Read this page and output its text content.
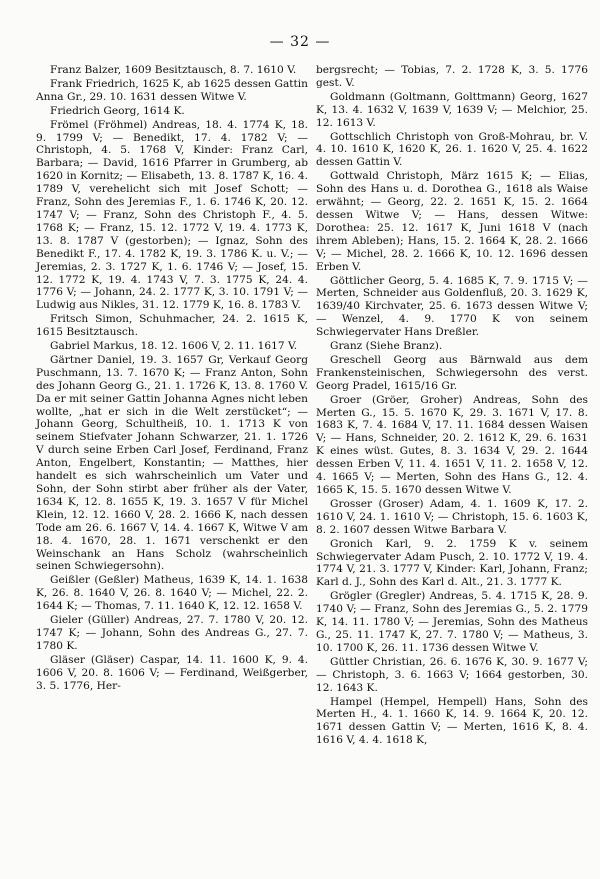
— 32 —

Franz Balzer, 1609 Besitztausch, 8. 7. 1610 V.

Frank Friedrich, 1625 K, ab 1625 dessen Gattin Anna Gr., 29. 10. 1631 dessen Witwe V.

Friedrich Georg, 1614 K.

Frömel (Fröhmel) Andreas, 18. 4. 1774 K, 18. 9. 1799 V; — Benedikt, 17. 4. 1782 V; — Christoph, 4. 5. 1768 V, Kinder: Franz Carl, Barbara; — David, 1616 Pfarrer in Grumberg, ab 1620 in Kornitz; — Elisabeth, 13. 8. 1787 K, 16. 4. 1789 V, verehelicht sich mit Josef Schott; — Franz, Sohn des Jeremias F., 1. 6. 1746 K, 20. 12. 1747 V; — Franz, Sohn des Christoph F., 4. 5. 1768 K; — Franz, 15. 12. 1772 V, 19. 4. 1773 K, 13. 8. 1787 V (gestorben); — Ignaz, Sohn des Benedikt F., 17. 4. 1782 K, 19. 3. 1786 K. u. V.; — Jeremias, 2. 3. 1727 K, 1. 6. 1746 V; — Josef, 15. 12. 1772 K, 19. 4. 1743 V, 7. 3. 1775 K, 24. 4. 1776 V; — Johann, 24. 2. 1777 K, 3. 10. 1791 V; — Ludwig aus Nikles, 31. 12. 1779 K, 16. 8. 1783 V.

Fritsch Simon, Schuhmacher, 24. 2. 1615 K, 1615 Besitztausch.

Gabriel Markus, 18. 12. 1606 V, 2. 11. 1617 V.

Gärtner Daniel, 19. 3. 1657 Gr, Verkauf Georg Puschmann, 13. 7. 1670 K; — Franz Anton, Sohn des Johann Georg G., 21. 1. 1726 K, 13. 8. 1760 V. Da er mit seiner Gattin Johanna Agnes nicht leben wollte, „hat er sich in die Welt zerstücket“; — Johann Georg, Schultheiß, 10. 1. 1713 K von seinem Stiefvater Johann Schwarzer, 21. 1. 1726 V durch seine Erben Carl Josef, Ferdinand, Franz Anton, Engelbert, Konstantin; — Matthes, hier handelt es sich wahrscheinlich um Vater und Sohn, der Sohn stirbt aber früher als der Vater, 1634 K, 12. 8. 1655 K, 19. 3. 1657 V für Michel Klein, 12. 12. 1660 V, 28. 2. 1666 K, nach dessen Tode am 26. 6. 1667 V, 14. 4. 1667 K, Witwe V am 18. 4. 1670, 28. 1. 1671 verschenkt er den Weinschank an Hans Scholz (wahrscheinlich seinen Schwiegersohn).

Geißler (Geßler) Matheus, 1639 K, 14. 1. 1638 K, 26. 8. 1640 V, 26. 8. 1640 V; — Michel, 22. 2. 1644 K; — Thomas, 7. 11. 1640 K, 12. 12. 1658 V.

Gieler (Güller) Andreas, 27. 7. 1780 V, 20. 12. 1747 K; — Johann, Sohn des Andreas G., 27. 7. 1780 K.

Gläser (Gläser) Caspar, 14. 11. 1600 K, 9. 4. 1606 V, 20. 8. 1606 V; — Ferdinand, Weißgerber, 3. 5. 1776, Her-

bergsrecht; — Tobias, 7. 2. 1728 K, 3. 5. 1776 gest. V.

Goldmann (Goltmann, Golttmann) Georg, 1627 K, 13. 4. 1632 V, 1639 V, 1639 V; — Melchior, 25. 12. 1613 V.

Gottschlich Christoph von Groß-Mohrau, br. V. 4. 10. 1610 K, 1620 K, 26. 1. 1620 V, 25. 4. 1622 dessen Gattin V.

Gottwald Christoph, März 1615 K; — Elias, Sohn des Hans u. d. Dorothea G., 1618 als Waise erwähnt; — Georg, 22. 2. 1651 K, 15. 2. 1664 dessen Witwe V; — Hans, dessen Witwe: Dorothea: 25. 12. 1617 K, Juni 1618 V (nach ihrem Ableben); Hans, 15. 2. 1664 K, 28. 2. 1666 V; — Michel, 28. 2. 1666 K, 10. 12. 1696 dessen Erben V.

Göttlicher Georg, 5. 4. 1685 K, 7. 9. 1715 V; — Merten, Schneider aus Goldenfluß, 20. 3. 1629 K, 1639/40 Kirchvater, 25. 6. 1673 dessen Witwe V; — Wenzel, 4. 9. 1770 K von seinem Schwiegervater Hans Dreßler.

Granz (Siehe Branz).

Greschell Georg aus Bärnwald aus dem Frankensteinischen, Schwiegersohn des verst. Georg Pradel, 1615/16 Gr.

Groer (Gröer, Groher) Andreas, Sohn des Merten G., 15. 5. 1670 K, 29. 3. 1671 V, 17. 8. 1683 K, 7. 4. 1684 V, 17. 11. 1684 dessen Waisen V; — Hans, Schneider, 20. 2. 1612 K, 29. 6. 1631 K eines wüst. Gutes, 8. 3. 1634 V, 29. 2. 1644 dessen Erben V, 11. 4. 1651 V, 11. 2. 1658 V, 12. 4. 1665 V; — Merten, Sohn des Hans G., 12. 4. 1665 K, 15. 5. 1670 dessen Witwe V.

Grosser (Groser) Adam, 4. 1. 1609 K, 17. 2. 1610 V, 24. 1. 1610 V; — Christoph, 15. 6. 1603 K, 8. 2. 1607 dessen Witwe Barbara V.

Gronich Karl, 9. 2. 1759 K v. seinem Schwiegervater Adam Pusch, 2. 10. 1772 V, 19. 4. 1774 V, 21. 3. 1777 V, Kinder: Karl, Johann, Franz; Karl d. J., Sohn des Karl d. Alt., 21. 3. 1777 K.

Grögler (Gregler) Andreas, 5. 4. 1715 K, 28. 9. 1740 V; — Franz, Sohn des Jeremias G., 5. 2. 1779 K, 14. 11. 1780 V; — Jeremias, Sohn des Matheus G., 25. 11. 1747 K, 27. 7. 1780 V; — Matheus, 3. 10. 1700 K, 26. 11. 1736 dessen Witwe V.

Güttler Christian, 26. 6. 1676 K, 30. 9. 1677 V; — Christoph, 3. 6. 1663 V; 1664 gestorben, 30. 12. 1643 K.

Hampel (Hempel, Hempell) Hans, Sohn des Merten H., 4. 1. 1660 K, 14. 9. 1664 K, 20. 12. 1671 dessen Gattin V; — Merten, 1616 K, 8. 4. 1616 V, 4. 4. 1618 K,
